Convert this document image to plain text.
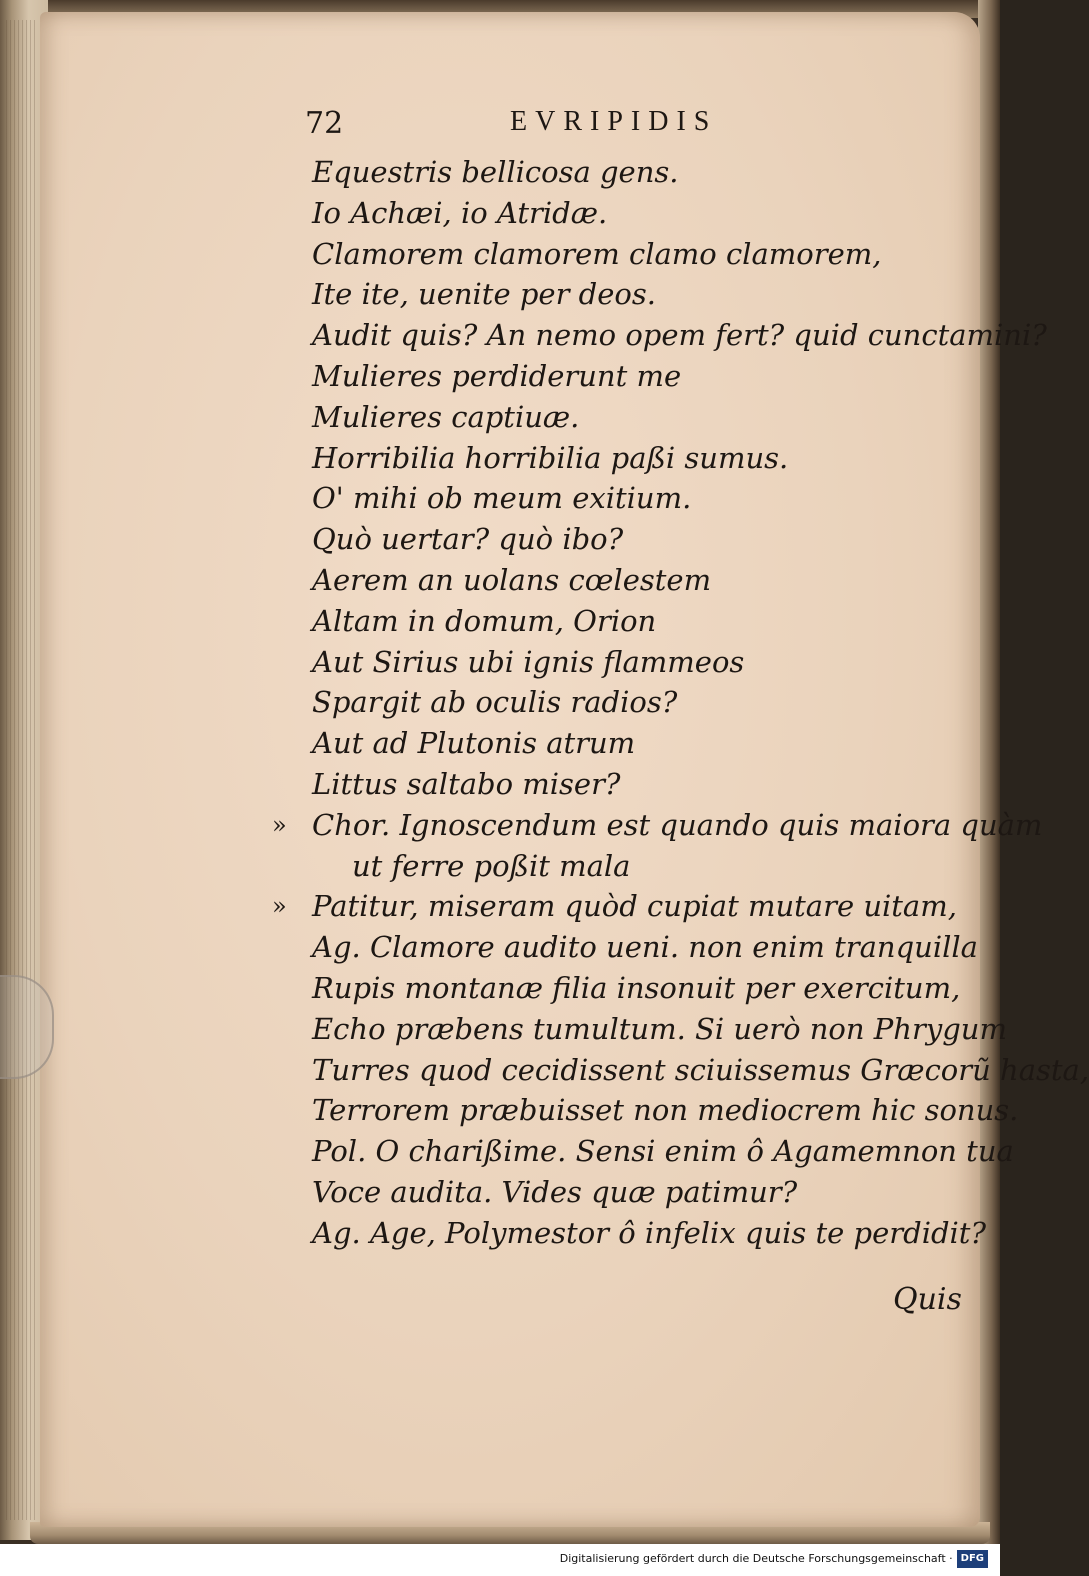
72	EVRIPIDIS
Equestris bellicosa gens.
Io Achæi, io Atridæ.
Clamorem clamorem clamo clamorem,
Ite ite, uenite per deos.
Audit quis? An nemo opem fert? quid cunctamini?
Mulieres perdiderunt me
Mulieres captiuæ.
Horribilia horribilia paßi sumus.
O' mihi ob meum exitium.
Quò uertar? quò ibo?
Aerem an uolans cœlestem
Altam in domum, Orion
Aut Sirius ubi ignis flammeos
Spargit ab oculis radios?
Aut ad Plutonis atrum
Littus saltabo miser?
» Chor. Ignoscendum est quando quis maiora quàm
ut ferre poßit mala
» Patitur, miseram quòd cupiat mutare uitam,
Ag. Clamore audito ueni. non enim tranquilla
Rupis montanæ filia insonuit per exercitum,
Echo præbens tumultum. Si uerò non Phrygum
Turres quod cecidissent sciuissemus Græcorũ hasta,
Terrorem præbuisset non mediocrem hic sonus.
Pol. O charißime. Sensi enim ô Agamemnon tua
Voce audita. Vides quæ patimur?
Ag. Age, Polymestor ô infelix quis te perdidit?
Quis
Digitalisierung gefördert durch die Deutsche Forschungsgemeinschaft · DFG
